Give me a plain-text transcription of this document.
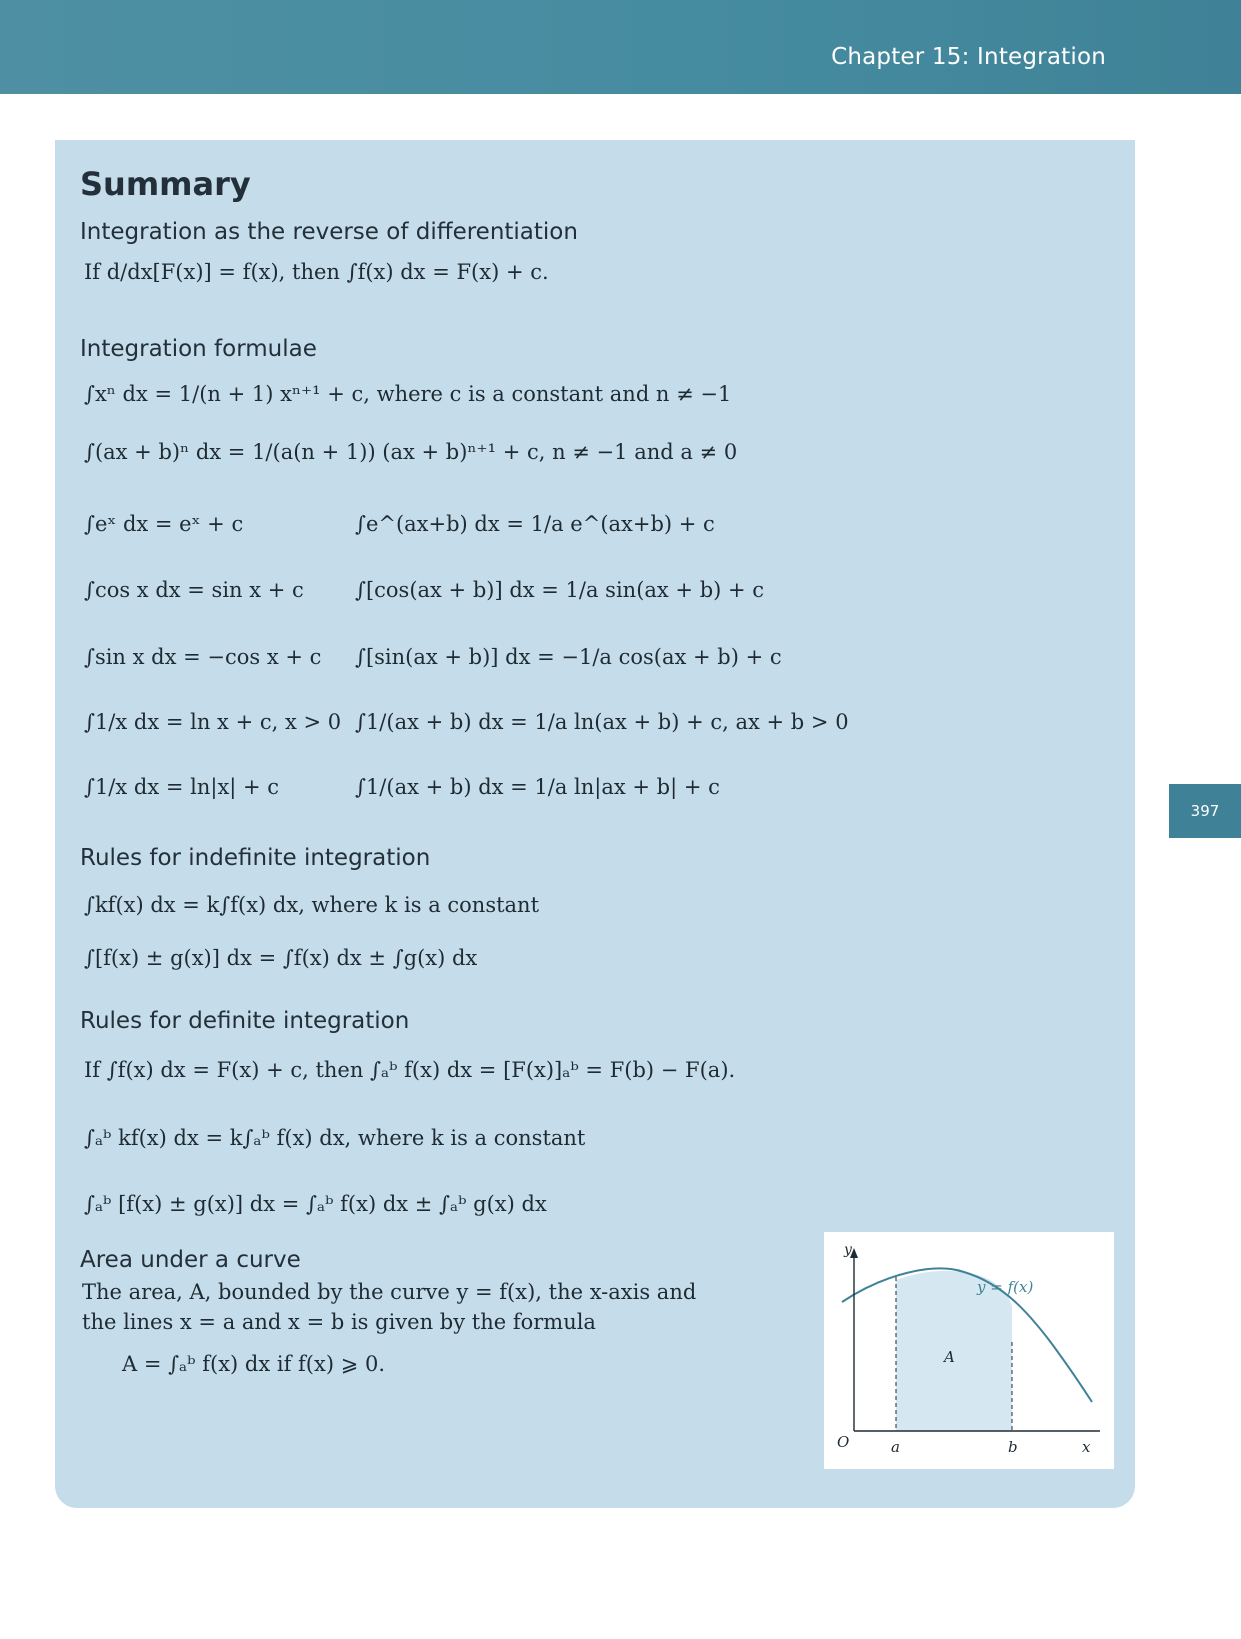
Chapter 15: Integration
397
Summary
Integration as the reverse of differentiation
If d/dx[F(x)] = f(x), then ∫f(x) dx = F(x) + c.
Integration formulae
∫xⁿ dx = 1/(n + 1) xⁿ⁺¹ + c, where c is a constant and n ≠ −1
∫(ax + b)ⁿ dx = 1/(a(n + 1)) (ax + b)ⁿ⁺¹ + c, n ≠ −1 and a ≠ 0
∫eˣ dx = eˣ + c	∫e^(ax+b) dx = 1/a e^(ax+b) + c
∫cos x dx = sin x + c ∫[cos(ax + b)] dx = 1/a sin(ax + b) + c
∫sin x dx = −cos x + c ∫[sin(ax + b)] dx = −1/a cos(ax + b) + c
∫1/x dx = ln x + c, x > 0 ∫1/(ax + b) dx = 1/a ln(ax + b) + c, ax + b > 0
∫1/x dx = ln|x| + c	∫1/(ax + b) dx = 1/a ln|ax + b| + c
Rules for indefinite integration
∫kf(x) dx = k∫f(x) dx, where k is a constant
∫[f(x) ± g(x)] dx = ∫f(x) dx ± ∫g(x) dx
Rules for definite integration
If ∫f(x) dx = F(x) + c, then ∫ₐᵇ f(x) dx = [F(x)]ₐᵇ = F(b) − F(a).
∫ₐᵇ kf(x) dx = k∫ₐᵇ f(x) dx, where k is a constant
∫ₐᵇ [f(x) ± g(x)] dx = ∫ₐᵇ f(x) dx ± ∫ₐᵇ g(x) dx
Area under a curve
The area, A, bounded by the curve y = f(x), the x-axis and
the lines x = a and x = b is given by the formula
A = ∫ₐᵇ f(x) dx if f(x) ⩾ 0.
y
x
O	a	b
A
y = f(x)
